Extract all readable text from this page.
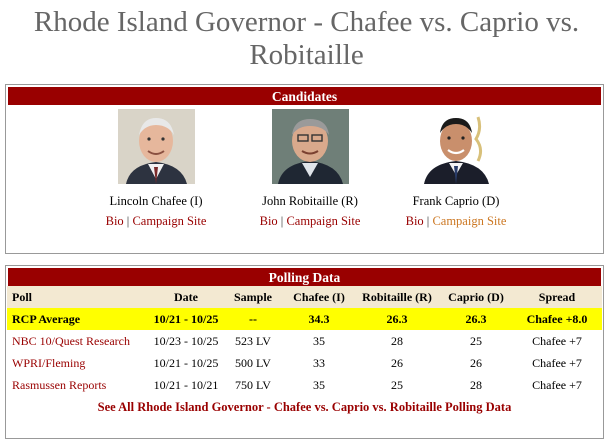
Rhode Island Governor - Chafee vs. Caprio vs.
Robitaille
Candidates
Lincoln Chafee (I)
Bio | Campaign Site
John Robitaille (R)
Bio | Campaign Site
Frank Caprio (D)
Bio | Campaign Site
Polling Data
Poll	Date	Sample	Chafee (I)	Robitaille (R)	Caprio (D)	Spread
RCP Average	10/21 - 10/25	--	34.3	26.3	26.3	Chafee +8.0
NBC 10/Quest Research	10/23 - 10/25	523 LV	35	28	25	Chafee +7
WPRI/Fleming	10/21 - 10/25	500 LV	33	26	26	Chafee +7
Rasmussen Reports	10/21 - 10/21	750 LV	35	25	28	Chafee +7
See All Rhode Island Governor - Chafee vs. Caprio vs. Robitaille Polling Data
